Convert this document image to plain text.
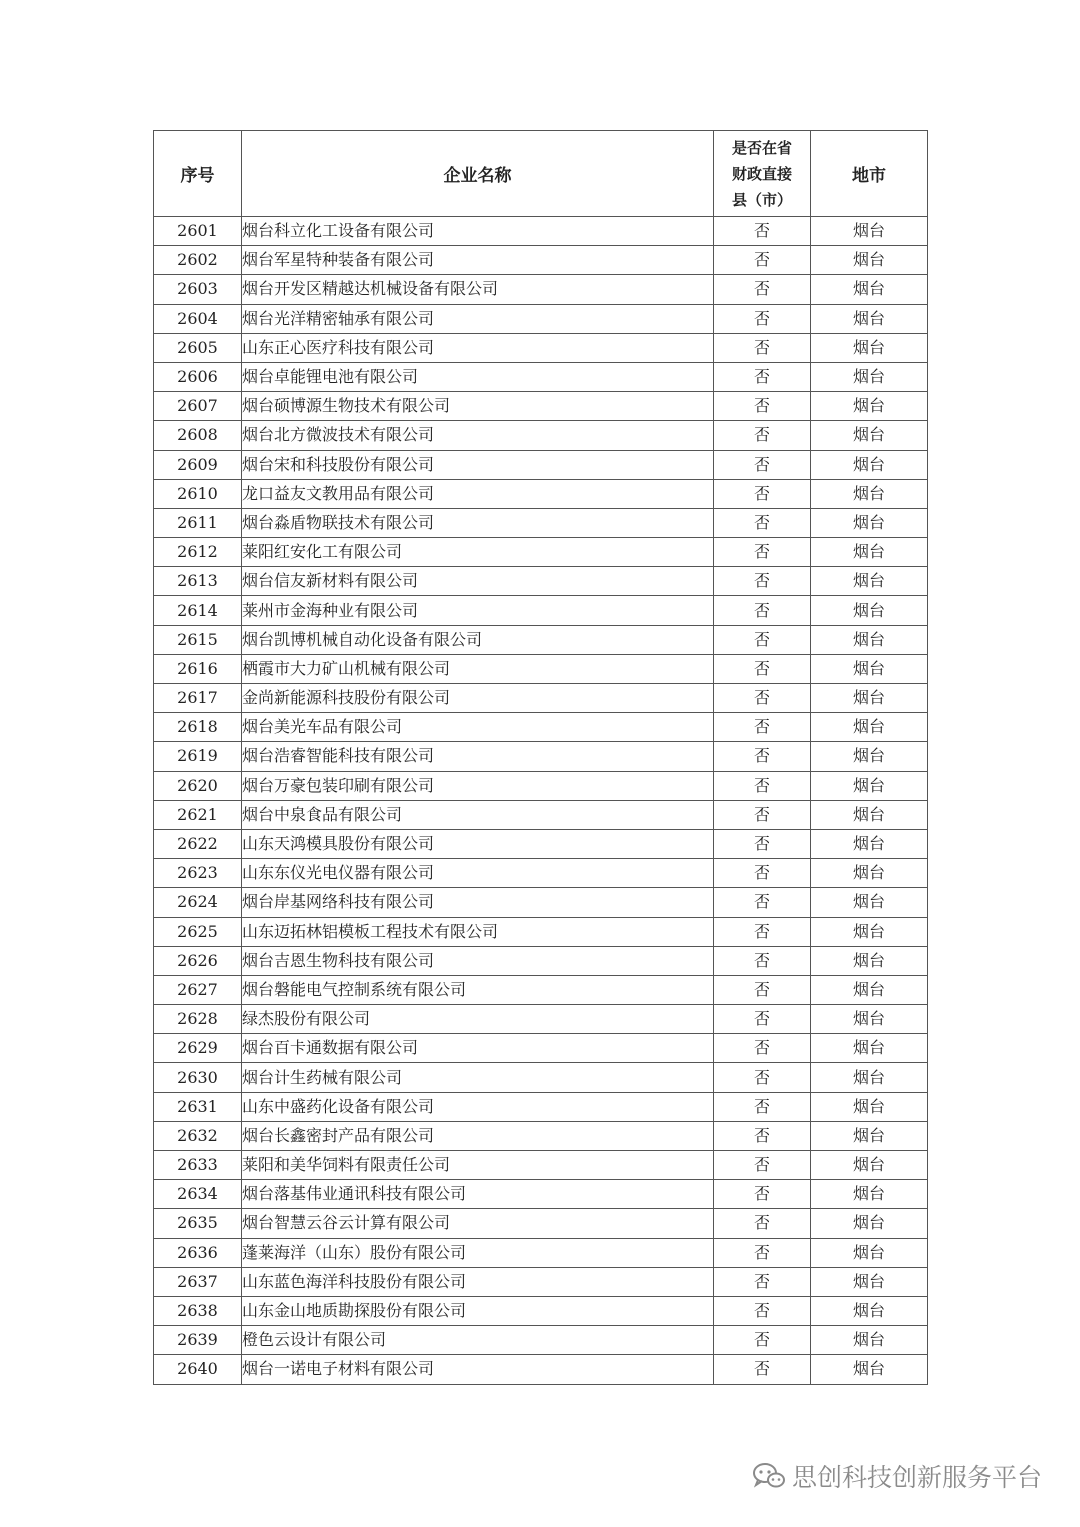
序号	企业名称	是否在省
财政直接
县（市）	地市
2601	烟台科立化工设备有限公司	否	烟台
2602	烟台军星特种装备有限公司	否	烟台
2603	烟台开发区精越达机械设备有限公司	否	烟台
2604	烟台光洋精密轴承有限公司	否	烟台
2605	山东正心医疗科技有限公司	否	烟台
2606	烟台卓能锂电池有限公司	否	烟台
2607	烟台硕博源生物技术有限公司	否	烟台
2608	烟台北方微波技术有限公司	否	烟台
2609	烟台宋和科技股份有限公司	否	烟台
2610	龙口益友文教用品有限公司	否	烟台
2611	烟台淼盾物联技术有限公司	否	烟台
2612	莱阳红安化工有限公司	否	烟台
2613	烟台信友新材料有限公司	否	烟台
2614	莱州市金海种业有限公司	否	烟台
2615	烟台凯博机械自动化设备有限公司	否	烟台
2616	栖霞市大力矿山机械有限公司	否	烟台
2617	金尚新能源科技股份有限公司	否	烟台
2618	烟台美光车品有限公司	否	烟台
2619	烟台浩睿智能科技有限公司	否	烟台
2620	烟台万豪包装印刷有限公司	否	烟台
2621	烟台中泉食品有限公司	否	烟台
2622	山东天鸿模具股份有限公司	否	烟台
2623	山东东仪光电仪器有限公司	否	烟台
2624	烟台岸基网络科技有限公司	否	烟台
2625	山东迈拓林铝模板工程技术有限公司	否	烟台
2626	烟台吉恩生物科技有限公司	否	烟台
2627	烟台磐能电气控制系统有限公司	否	烟台
2628	绿杰股份有限公司	否	烟台
2629	烟台百卡通数据有限公司	否	烟台
2630	烟台计生药械有限公司	否	烟台
2631	山东中盛药化设备有限公司	否	烟台
2632	烟台长鑫密封产品有限公司	否	烟台
2633	莱阳和美华饲料有限责任公司	否	烟台
2634	烟台落基伟业通讯科技有限公司	否	烟台
2635	烟台智慧云谷云计算有限公司	否	烟台
2636	蓬莱海洋（山东）股份有限公司	否	烟台
2637	山东蓝色海洋科技股份有限公司	否	烟台
2638	山东金山地质勘探股份有限公司	否	烟台
2639	橙色云设计有限公司	否	烟台
2640	烟台一诺电子材料有限公司	否	烟台
思创科技创新服务平台
